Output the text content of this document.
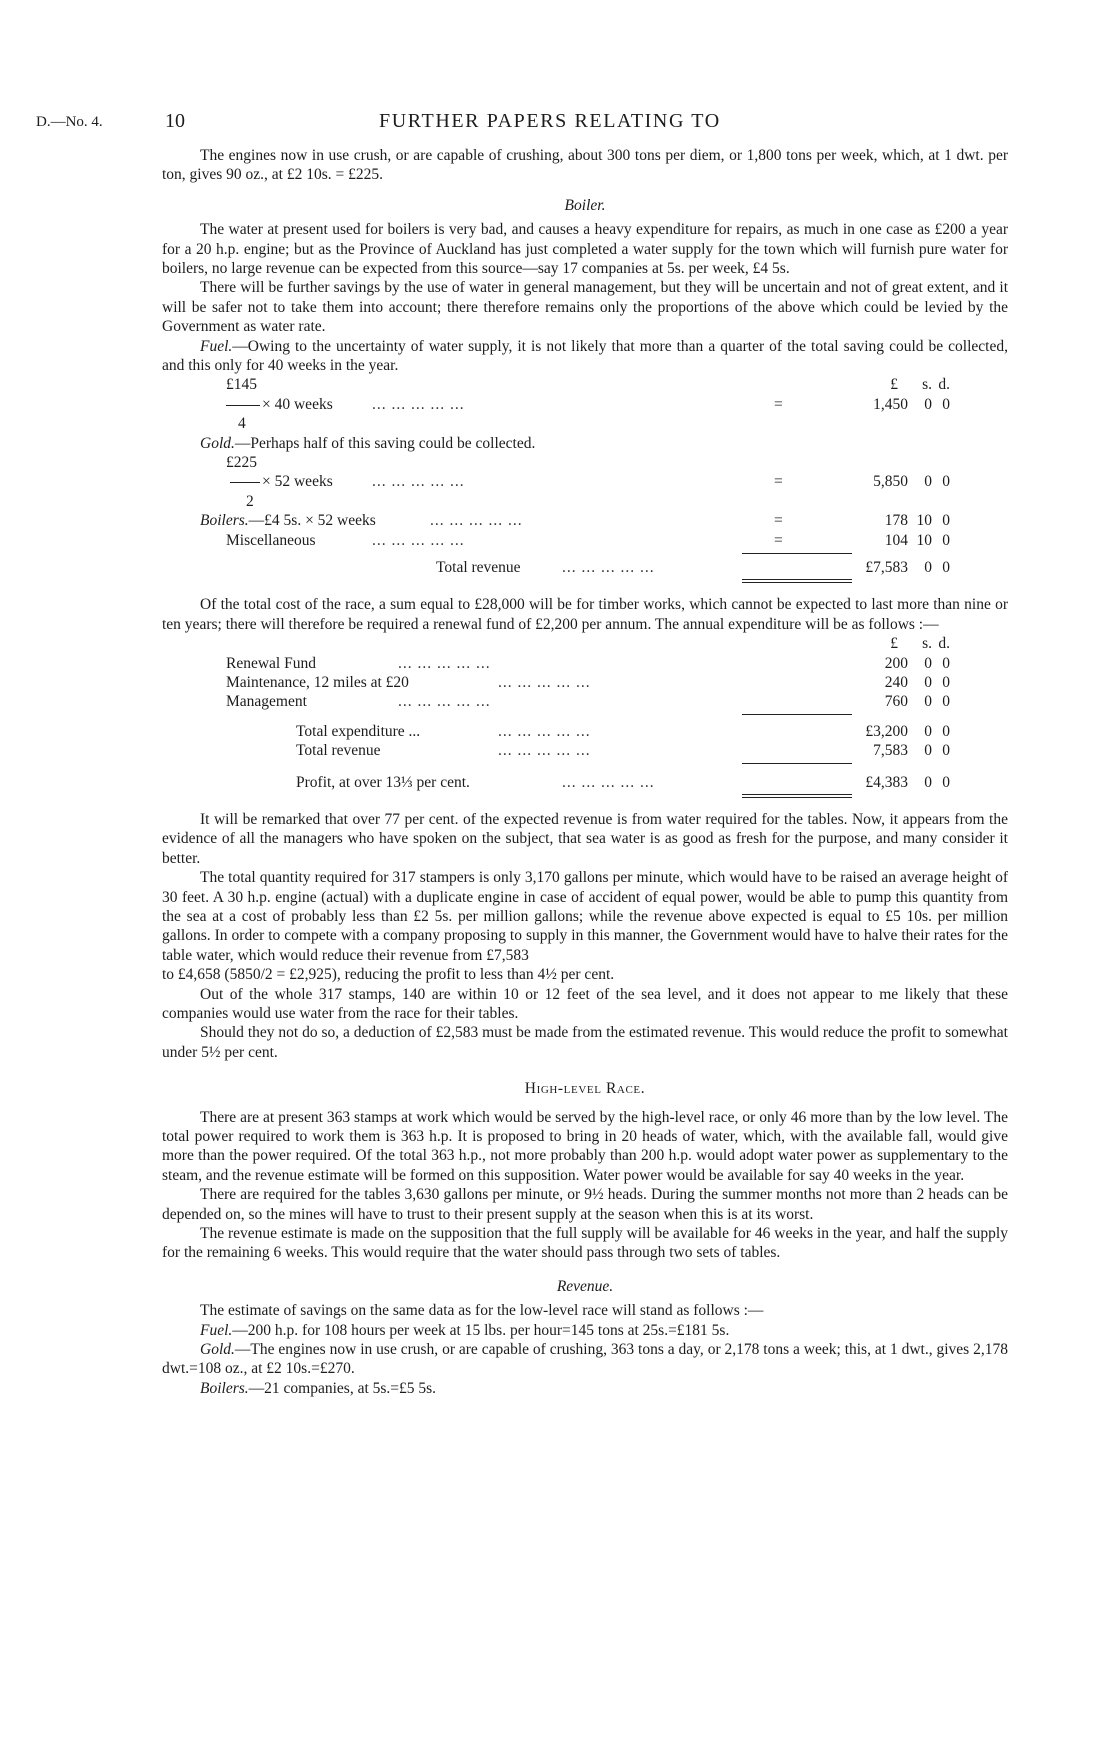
D.—No. 4.	10	FURTHER PAPERS RELATING TO

The engines now in use crush, or are capable of crushing, about 300 tons per diem, or 1,800 tons per week, which, at 1 dwt. per ton, gives 90 oz., at £2 10s. = £225.

Boiler.

The water at present used for boilers is very bad, and causes a heavy expenditure for repairs, as much in one case as £200 a year for a 20 h.p. engine; but as the Province of Auckland has just completed a water supply for the town which will furnish pure water for boilers, no large revenue can be expected from this source—say 17 companies at 5s. per week, £4 5s.

There will be further savings by the use of water in general management, but they will be uncertain and not of great extent, and it will be safer not to take them into account; there therefore remains only the proportions of the above which could be levied by the Government as water rate.

Fuel.—Owing to the uncertainty of water supply, it is not likely that more than a quarter of the total saving could be collected, and this only for 40 weeks in the year.

£145	£ s. d.
× 40 weeks	... ... ... ... ...	=	1,450 0 0
4
Gold.—Perhaps half of this saving could be collected.
£225
× 52 weeks	... ... ... ... ...	=	5,850 0 0
2
Boilers.—£4 5s. × 52 weeks	... ... ... ... ...	=	178 10 0
Miscellaneous	... ... ... ... ...	=	104 10 0
Total revenue	... ... ... ... ...	£7,583 0 0

Of the total cost of the race, a sum equal to £28,000 will be for timber works, which cannot be expected to last more than nine or ten years; there will therefore be required a renewal fund of £2,200 per annum. The annual expenditure will be as follows :—

£ s. d.
Renewal Fund	... ... ... ... ...	200 0 0
Maintenance, 12 miles at £20	... ... ... ... ...	240 0 0
Management	... ... ... ... ...	760 0 0
Total expenditure ...	... ... ... ... ...	£3,200 0 0
Total revenue	... ... ... ... ...	7,583 0 0
Profit, at over 13⅓ per cent.	... ... ... ... ...	£4,383 0 0

It will be remarked that over 77 per cent. of the expected revenue is from water required for the tables. Now, it appears from the evidence of all the managers who have spoken on the subject, that sea water is as good as fresh for the purpose, and many consider it better.

The total quantity required for 317 stampers is only 3,170 gallons per minute, which would have to be raised an average height of 30 feet. A 30 h.p. engine (actual) with a duplicate engine in case of accident of equal power, would be able to pump this quantity from the sea at a cost of probably less than £2 5s. per million gallons; while the revenue above expected is equal to £5 10s. per million gallons. In order to compete with a company proposing to supply in this manner, the Government would have to halve their rates for the table water, which would reduce their revenue from £7,583

to £4,658 (5850/2 = £2,925), reducing the profit to less than 4½ per cent.

Out of the whole 317 stamps, 140 are within 10 or 12 feet of the sea level, and it does not appear to me likely that these companies would use water from the race for their tables.

Should they not do so, a deduction of £2,583 must be made from the estimated revenue. This would reduce the profit to somewhat under 5½ per cent.

High-level Race.

There are at present 363 stamps at work which would be served by the high-level race, or only 46 more than by the low level. The total power required to work them is 363 h.p. It is proposed to bring in 20 heads of water, which, with the available fall, would give more than the power required. Of the total 363 h.p., not more probably than 200 h.p. would adopt water power as supplementary to the steam, and the revenue estimate will be formed on this supposition. Water power would be available for say 40 weeks in the year.

There are required for the tables 3,630 gallons per minute, or 9½ heads. During the summer months not more than 2 heads can be depended on, so the mines will have to trust to their present supply at the season when this is at its worst.

The revenue estimate is made on the supposition that the full supply will be available for 46 weeks in the year, and half the supply for the remaining 6 weeks. This would require that the water should pass through two sets of tables.

Revenue.

The estimate of savings on the same data as for the low-level race will stand as follows :—

Fuel.—200 h.p. for 108 hours per week at 15 lbs. per hour=145 tons at 25s.=£181 5s.

Gold.—The engines now in use crush, or are capable of crushing, 363 tons a day, or 2,178 tons a week; this, at 1 dwt., gives 2,178 dwt.=108 oz., at £2 10s.=£270.

Boilers.—21 companies, at 5s.=£5 5s.
